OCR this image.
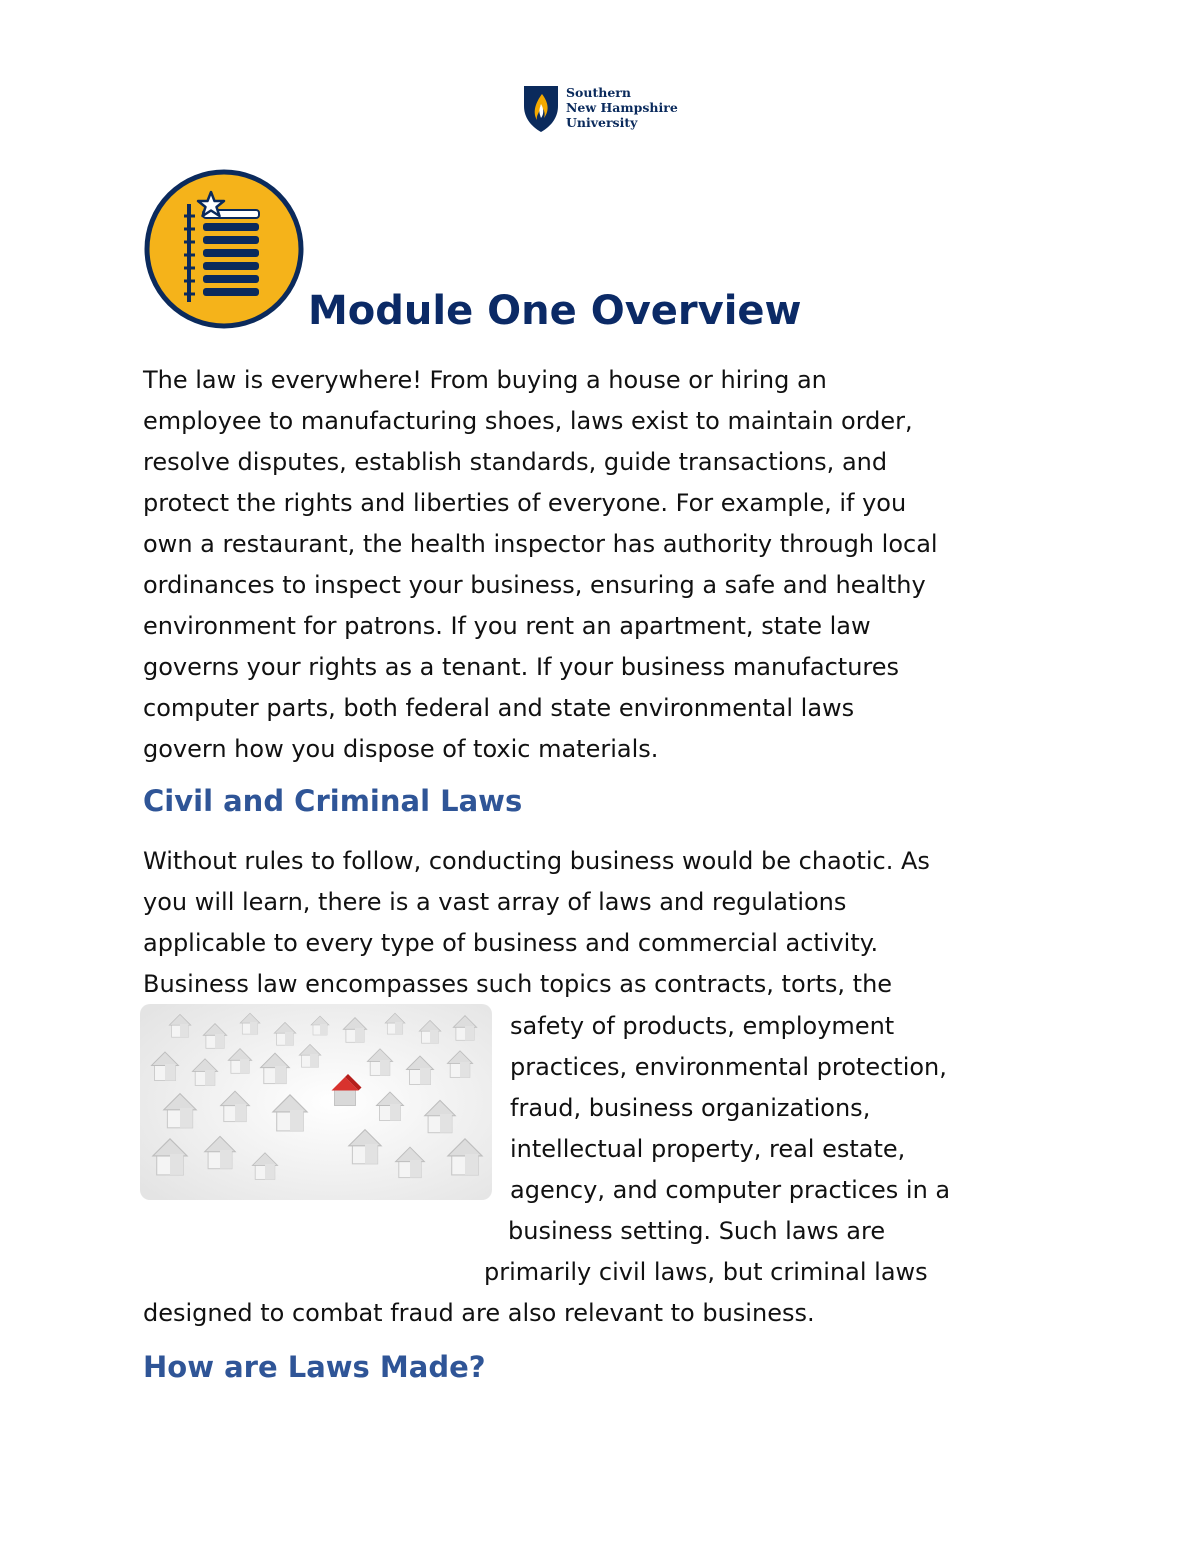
Southern
New Hampshire
University
Module One Overview
The law is everywhere! From buying a house or hiring an
employee to manufacturing shoes, laws exist to maintain order,
resolve disputes, establish standards, guide transactions, and
protect the rights and liberties of everyone. For example, if you
own a restaurant, the health inspector has authority through local
ordinances to inspect your business, ensuring a safe and healthy
environment for patrons. If you rent an apartment, state law
governs your rights as a tenant. If your business manufactures
computer parts, both federal and state environmental laws
govern how you dispose of toxic materials.
Civil and Criminal Laws
Without rules to follow, conducting business would be chaotic. As
you will learn, there is a vast array of laws and regulations
applicable to every type of business and commercial activity.
Business law encompasses such topics as contracts, torts, the
safety of products, employment
practices, environmental protection,
fraud, business organizations,
intellectual property, real estate,
agency, and computer practices in a
business setting. Such laws are
primarily civil laws, but criminal laws
designed to combat fraud are also relevant to business.
How are Laws Made?
